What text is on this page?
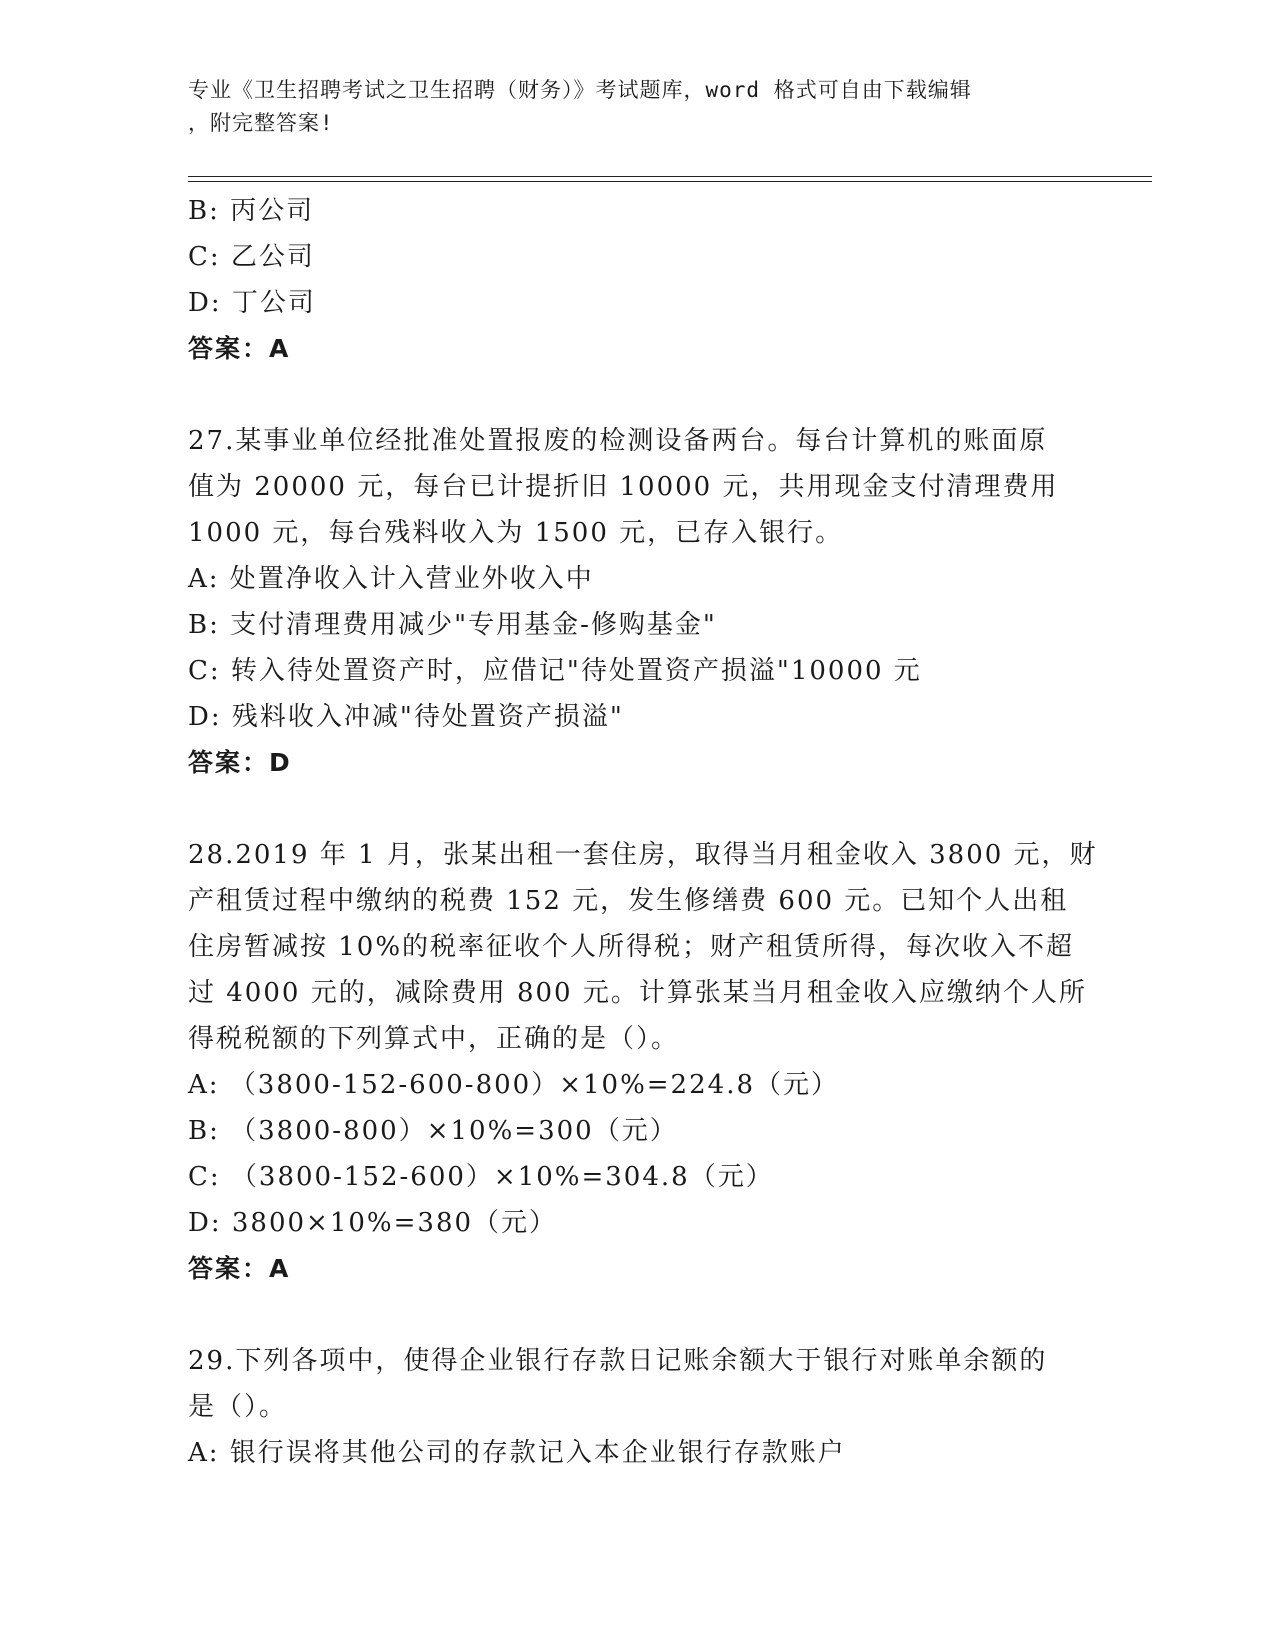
专业《卫生招聘考试之卫生招聘（财务）》考试题库，word 格式可自由下载编辑
，附完整答案!
B: 丙公司
C: 乙公司
D: 丁公司
答案：A
27.某事业单位经批准处置报废的检测设备两台。每台计算机的账面原
值为 20000 元，每台已计提折旧 10000 元，共用现金支付清理费用
1000 元，每台残料收入为 1500 元，已存入银行。
A: 处置净收入计入营业外收入中
B: 支付清理费用减少"专用基金-修购基金"
C: 转入待处置资产时，应借记"待处置资产损溢"10000 元
D: 残料收入冲减"待处置资产损溢"
答案：D
28.2019 年 1 月，张某出租一套住房，取得当月租金收入 3800 元，财
产租赁过程中缴纳的税费 152 元，发生修缮费 600 元。已知个人出租
住房暂减按 10%的税率征收个人所得税；财产租赁所得，每次收入不超
过 4000 元的，减除费用 800 元。计算张某当月租金收入应缴纳个人所
得税税额的下列算式中，正确的是（）。
A: （3800-152-600-800）×10%=224.8（元）
B: （3800-800）×10%=300（元）
C: （3800-152-600）×10%=304.8（元）
D: 3800×10%=380（元）
答案：A
29.下列各项中，使得企业银行存款日记账余额大于银行对账单余额的
是（）。
A: 银行误将其他公司的存款记入本企业银行存款账户
